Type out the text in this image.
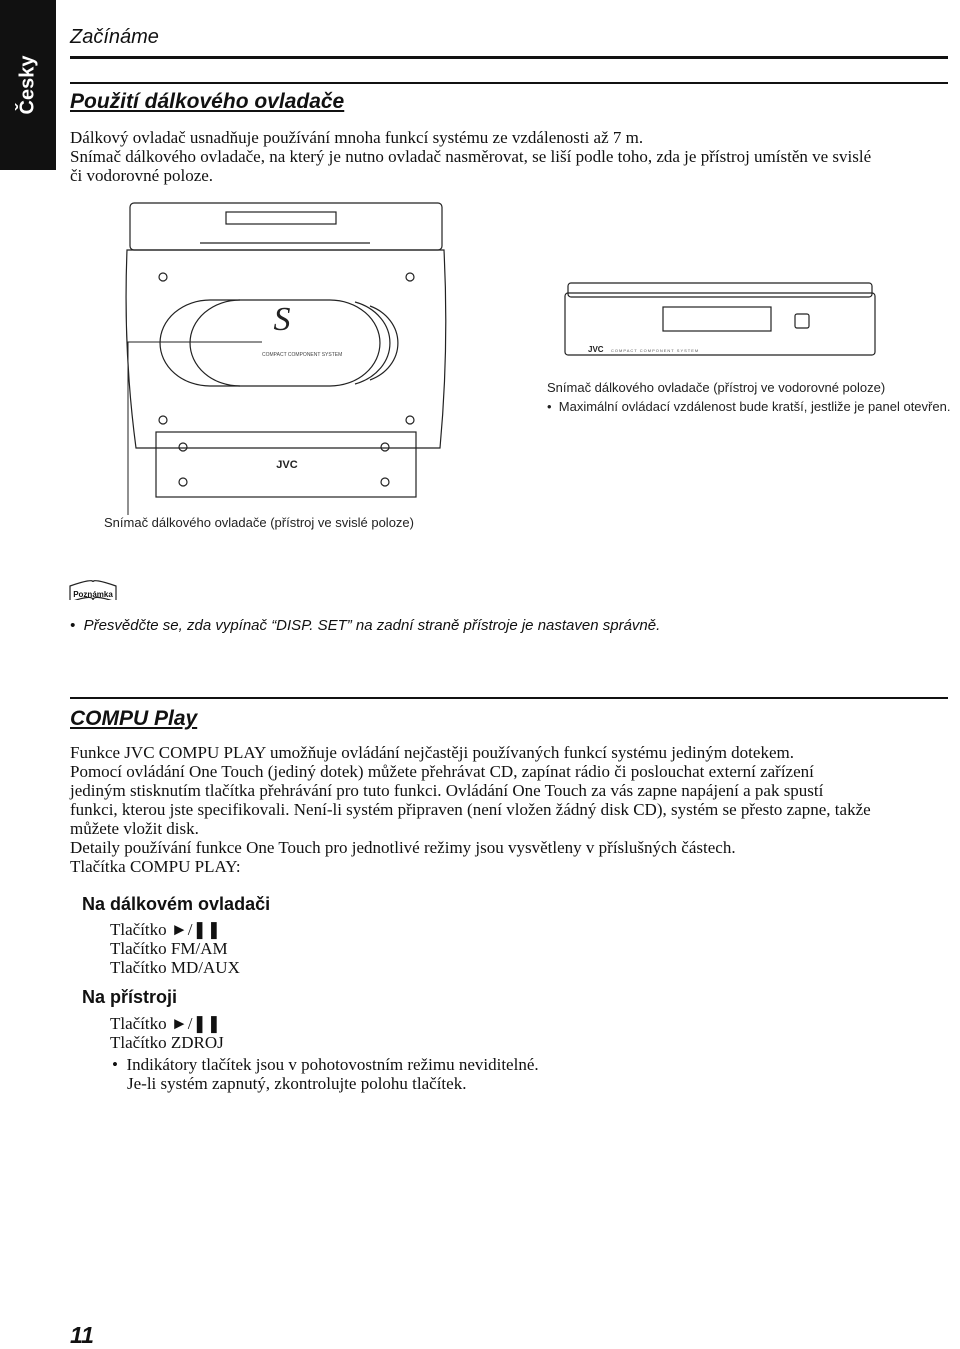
Česky
Začínáme
Použití dálkového ovladače

Dálkový ovladač usnadňuje používání mnoha funkcí systému ze vzdálenosti až 7 m.

Snímač dálkového ovladače, na který je nutno ovladač nasměrovat, se liší podle toho, zda je přístroj umístěn ve svislé

či vodorovné poloze.

S
COMPACT COMPONENT SYSTEM
JVC
JVC COMPACT COMPONENT SYSTEM
Poznámka
Snímač dálkového ovladače (přístroj ve vodorovné poloze)
•  Maximální ovládací vzdálenost bude kratší, jestliže je panel otevřen.
Snímač dálkového ovladače (přístroj ve svislé poloze)
•  Přesvědčte se, zda vypínač “DISP. SET” na zadní straně přístroje je nastaven správně.
COMPU Play

Funkce JVC COMPU PLAY umožňuje ovládání nejčastěji používaných funkcí systému jediným dotekem.

Pomocí ovládání One Touch (jediný dotek) můžete přehrávat CD, zapínat rádio či poslouchat externí zařízení

jediným stisknutím tlačítka přehrávání pro tuto funkci. Ovládání One Touch za vás zapne napájení a pak spustí

funkci, kterou jste specifikovali. Není-li systém připraven (není vložen žádný disk CD), systém se přesto zapne, takže

můžete vložit disk.

Detaily používání funkce One Touch pro jednotlivé režimy jsou vysvětleny v příslušných částech.

Tlačítka COMPU PLAY:

Na dálkovém ovladači
Tlačítko ►/❚❚
Tlačítko FM/AM
Tlačítko MD/AUX
Na přístroji
Tlačítko ►/❚❚
Tlačítko ZDROJ
•  Indikátory tlačítek jsou v pohotovostním režimu neviditelné.
Je-li systém zapnutý, zkontrolujte polohu tlačítek.
11
